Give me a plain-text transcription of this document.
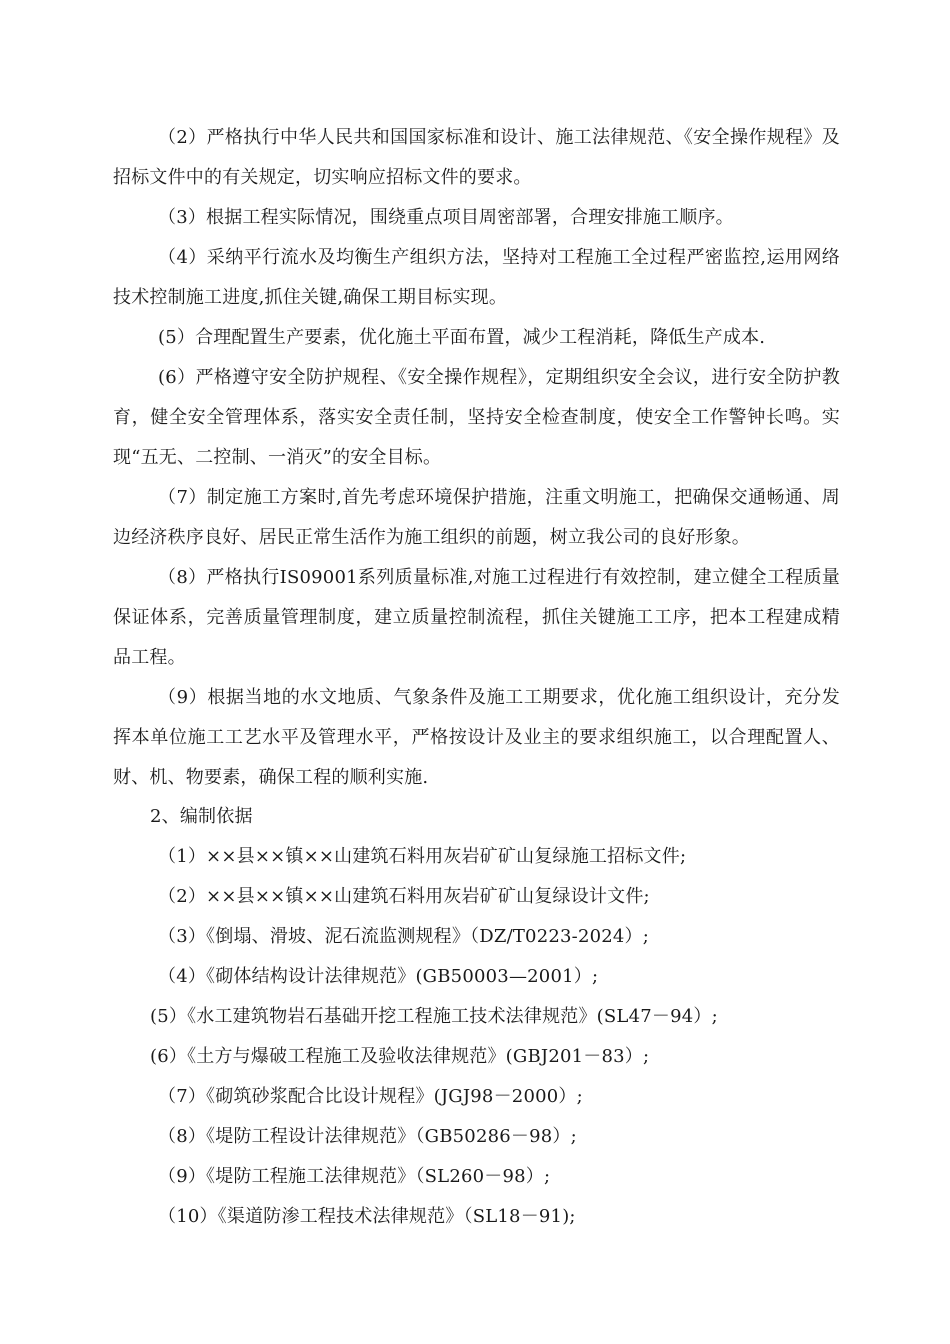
（2）严格执行中华人民共和国国家标准和设计、施工法律规范、《安全操作规程》及招标文件中的有关规定，切实响应招标文件的要求。

（3）根据工程实际情况，围绕重点项目周密部署，合理安排施工顺序。

（4）采纳平行流水及均衡生产组织方法，坚持对工程施工全过程严密监控,运用网络技术控制施工进度,抓住关键,确保工期目标实现。

(5）合理配置生产要素，优化施土平面布置，减少工程消耗，降低生产成本.

(6）严格遵守安全防护规程、《安全操作规程》，定期组织安全会议，进行安全防护教育，健全安全管理体系，落实安全责任制，坚持安全检查制度，使安全工作警钟长鸣。实现“五无、二控制、一消灭”的安全目标。

（7）制定施工方案时,首先考虑环境保护措施，注重文明施工，把确保交通畅通、周边经济秩序良好、居民正常生活作为施工组织的前题，树立我公司的良好形象。

（8）严格执行IS09001系列质量标准,对施工过程进行有效控制，建立健全工程质量保证体系，完善质量管理制度，建立质量控制流程，抓住关键施工工序，把本工程建成精品工程。

（9）根据当地的水文地质、气象条件及施工工期要求，优化施工组织设计，充分发挥本单位施工工艺水平及管理水平，严格按设计及业主的要求组织施工，以合理配置人、财、机、物要素，确保工程的顺利实施.

2、编制依据

（1）××县××镇××山建筑石料用灰岩矿矿山复绿施工招标文件;

（2）××县××镇××山建筑石料用灰岩矿矿山复绿设计文件;

（3）《倒塌、滑坡、泥石流监测规程》（DZ/T0223-2024）;

（4）《砌体结构设计法律规范》(GB50003—2001）;

(5）《水工建筑物岩石基础开挖工程施工技术法律规范》(SL47－94）;

(6）《土方与爆破工程施工及验收法律规范》(GBJ201－83）;

（7）《砌筑砂浆配合比设计规程》(JGJ98－2000）;

（8）《堤防工程设计法律规范》（GB50286－98）;

（9）《堤防工程施工法律规范》（SL260－98）;

（10）《渠道防渗工程技术法律规范》（SL18－91);
